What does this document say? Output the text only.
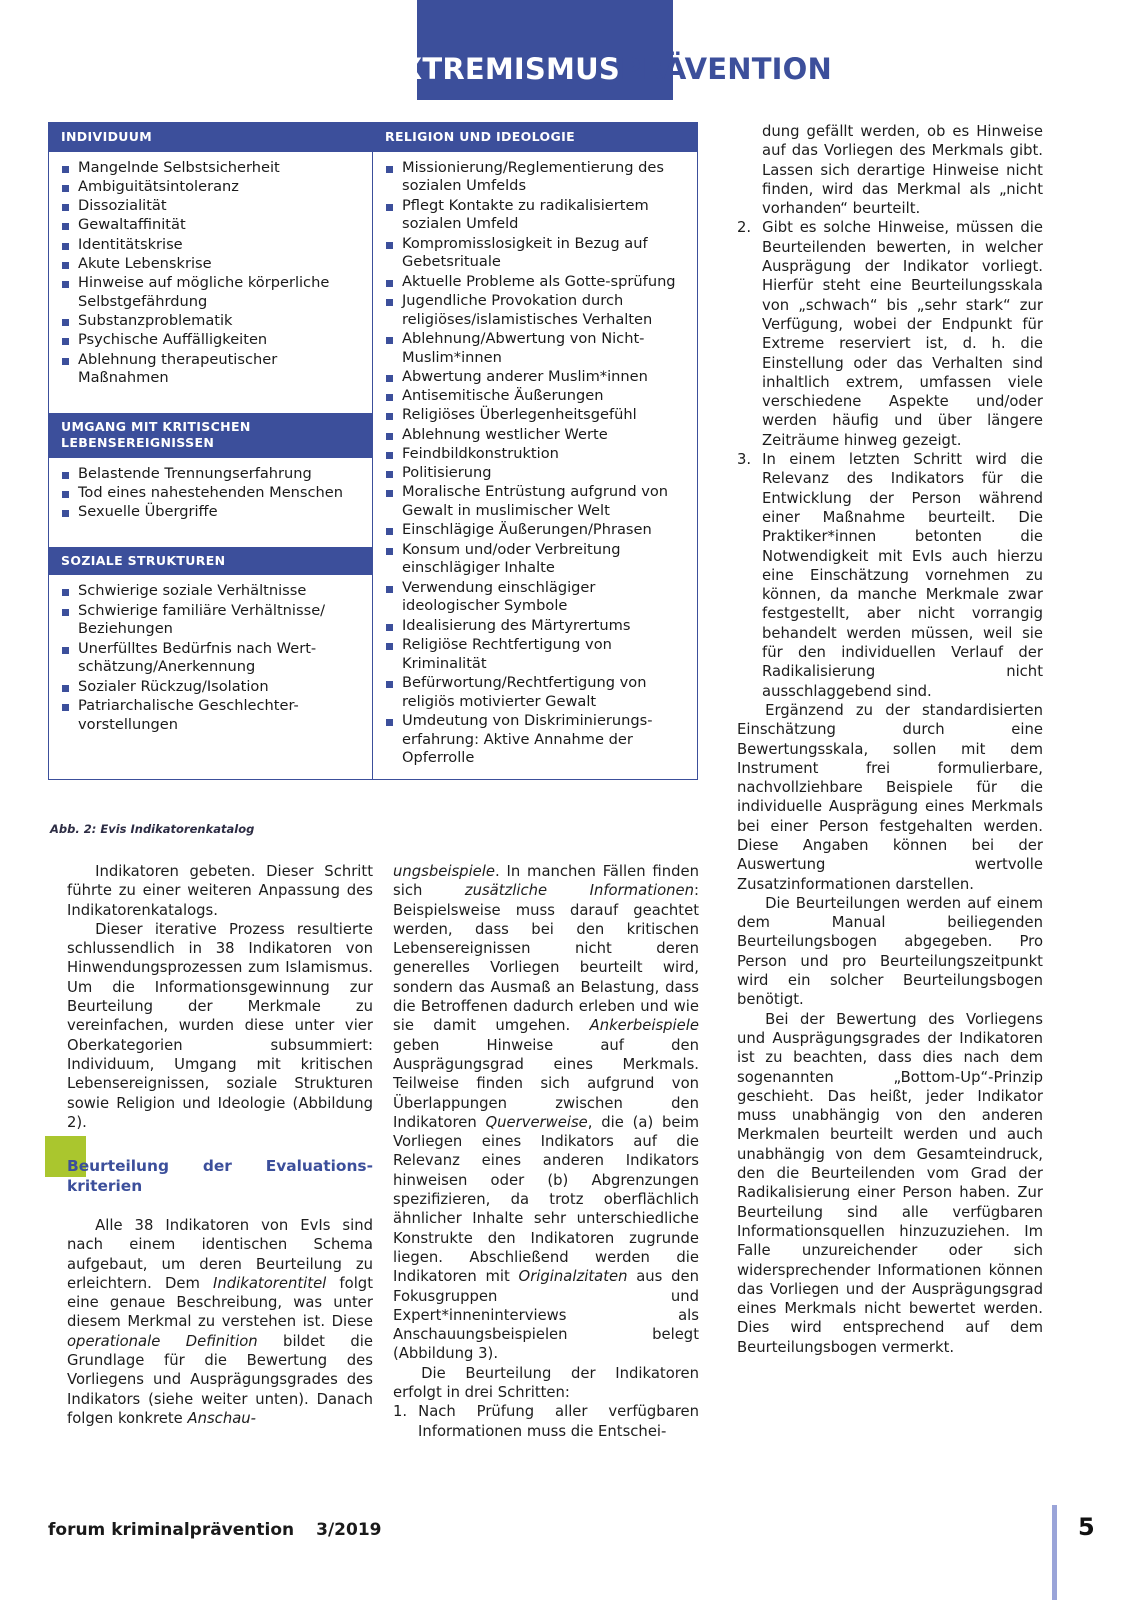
EXTREMISMUSPRÄVENTION
INDIVIDUUM
Mangelnde Selbstsicherheit
Ambiguitätsintoleranz
Dissozialität
Gewaltaffinität
Identitätskrise
Akute Lebenskrise
Hinweise auf mögliche körperliche Selbstgefährdung
Substanzproblematik
Psychische Auffälligkeiten
Ablehnung therapeutischer Maßnahmen
UMGANG MIT KRITISCHEN LEBENSEREIGNISSEN
Belastende Trennungserfahrung
Tod eines nahestehenden Menschen
Sexuelle Übergriffe
SOZIALE STRUKTUREN
Schwierige soziale Verhältnisse
Schwierige familiäre Verhältnisse/ Beziehungen
Unerfülltes Bedürfnis nach Wert-schätzung/Anerkennung
Sozialer Rückzug/Isolation
Patriarchalische Geschlechter-vorstellungen
RELIGION UND IDEOLOGIE
Missionierung/Reglementierung des sozialen Umfelds
Pflegt Kontakte zu radikalisiertem sozialen Umfeld
Kompromisslosigkeit in Bezug auf Gebetsrituale
Aktuelle Probleme als Gotte-sprüfung
Jugendliche Provokation durch religiöses/islamistisches Verhalten
Ablehnung/Abwertung von Nicht-Muslim*innen
Abwertung anderer Muslim*innen
Antisemitische Äußerungen
Religiöses Überlegenheitsgefühl
Ablehnung westlicher Werte
Feindbildkonstruktion
Politisierung
Moralische Entrüstung aufgrund von Gewalt in muslimischer Welt
Einschlägige Äußerungen/Phrasen
Konsum und/oder Verbreitung einschlägiger Inhalte
Verwendung einschlägiger ideologischer Symbole
Idealisierung des Märtyrertums
Religiöse Rechtfertigung von Kriminalität
Befürwortung/Rechtfertigung von religiös motivierter Gewalt
Umdeutung von Diskriminierungs-erfahrung: Aktive Annahme der Opferrolle
Abb. 2: Evis Indikatorenkatalog

Indikatoren gebeten. Dieser Schritt führte zu einer weiteren Anpassung des Indikatorenkatalogs.

Dieser iterative Prozess resultierte schlussendlich in 38 Indikatoren von Hinwendungsprozessen zum Islamismus. Um die Informationsgewinnung zur Beurteilung der Merkmale zu vereinfachen, wurden diese unter vier Oberkategorien subsummiert: Individuum, Umgang mit kritischen Lebensereignissen, soziale Strukturen sowie Religion und Ideologie (Abbildung 2).

Beurteilung der Evaluationskriterien

Alle 38 Indikatoren von EvIs sind nach einem identischen Schema aufgebaut, um deren Beurteilung zu erleichtern. Dem Indikatorentitel folgt eine genaue Beschreibung, was unter diesem Merkmal zu verstehen ist. Diese operationale Definition bildet die Grundlage für die Bewertung des Vorliegens und Ausprägungsgrades des Indikators (siehe weiter unten). Danach folgen konkrete Anschau-

ungsbeispiele. In manchen Fällen finden sich zusätzliche Informationen: Beispielsweise muss darauf geachtet werden, dass bei den kritischen Lebensereignissen nicht deren generelles Vorliegen beurteilt wird, sondern das Ausmaß an Belastung, dass die Betroffenen dadurch erleben und wie sie damit umgehen. Ankerbeispiele geben Hinweise auf den Ausprägungsgrad eines Merkmals. Teilweise finden sich aufgrund von Überlappungen zwischen den Indikatoren Querverweise, die (a) beim Vorliegen eines Indikators auf die Relevanz eines anderen Indikators hinweisen oder (b) Abgrenzungen spezifizieren, da trotz oberflächlich ähnlicher Inhalte sehr unterschiedliche Konstrukte den Indikatoren zugrunde liegen. Abschließend werden die Indikatoren mit Originalzitaten aus den Fokusgruppen und Expert*inneninterviews als Anschauungsbeispielen belegt (Abbildung 3).

Die Beurteilung der Indikatoren erfolgt in drei Schritten:

1. Nach Prüfung aller verfügbaren Informationen muss die Entschei-

dung gefällt werden, ob es Hinweise auf das Vorliegen des Merkmals gibt. Lassen sich derartige Hinweise nicht finden, wird das Merkmal als „nicht vorhanden“ beurteilt.

2. Gibt es solche Hinweise, müssen die Beurteilenden bewerten, in welcher Ausprägung der Indikator vorliegt. Hierfür steht eine Beurteilungsskala von „schwach“ bis „sehr stark“ zur Verfügung, wobei der Endpunkt für Extreme reserviert ist, d. h. die Einstellung oder das Verhalten sind inhaltlich extrem, umfassen viele verschiedene Aspekte und/oder werden häufig und über längere Zeiträume hinweg gezeigt.

3. In einem letzten Schritt wird die Relevanz des Indikators für die Entwicklung der Person während einer Maßnahme beurteilt. Die Praktiker*innen betonten die Notwendigkeit mit EvIs auch hierzu eine Einschätzung vornehmen zu können, da manche Merkmale zwar festgestellt, aber nicht vorrangig behandelt werden müssen, weil sie für den individuellen Verlauf der Radikalisierung nicht ausschlaggebend sind.

Ergänzend zu der standardisierten Einschätzung durch eine Bewertungsskala, sollen mit dem Instrument frei formulierbare, nachvollziehbare Beispiele für die individuelle Ausprägung eines Merkmals bei einer Person festgehalten werden. Diese Angaben können bei der Auswertung wertvolle Zusatzinformationen darstellen.

Die Beurteilungen werden auf einem dem Manual beiliegenden Beurteilungsbogen abgegeben. Pro Person und pro Beurteilungszeitpunkt wird ein solcher Beurteilungsbogen benötigt.

Bei der Bewertung des Vorliegens und Ausprägungsgrades der Indikatoren ist zu beachten, dass dies nach dem sogenannten „Bottom-Up“-Prinzip geschieht. Das heißt, jeder Indikator muss unabhängig von den anderen Merkmalen beurteilt werden und auch unabhängig von dem Gesamteindruck, den die Beurteilenden vom Grad der Radikalisierung einer Person haben. Zur Beurteilung sind alle verfügbaren Informationsquellen hinzuzuziehen. Im Falle unzureichender oder sich widersprechender Informationen können das Vorliegen und der Ausprägungsgrad eines Merkmals nicht bewertet werden. Dies wird entsprechend auf dem Beurteilungsbogen vermerkt.

forum kriminalprävention 3/2019	5
